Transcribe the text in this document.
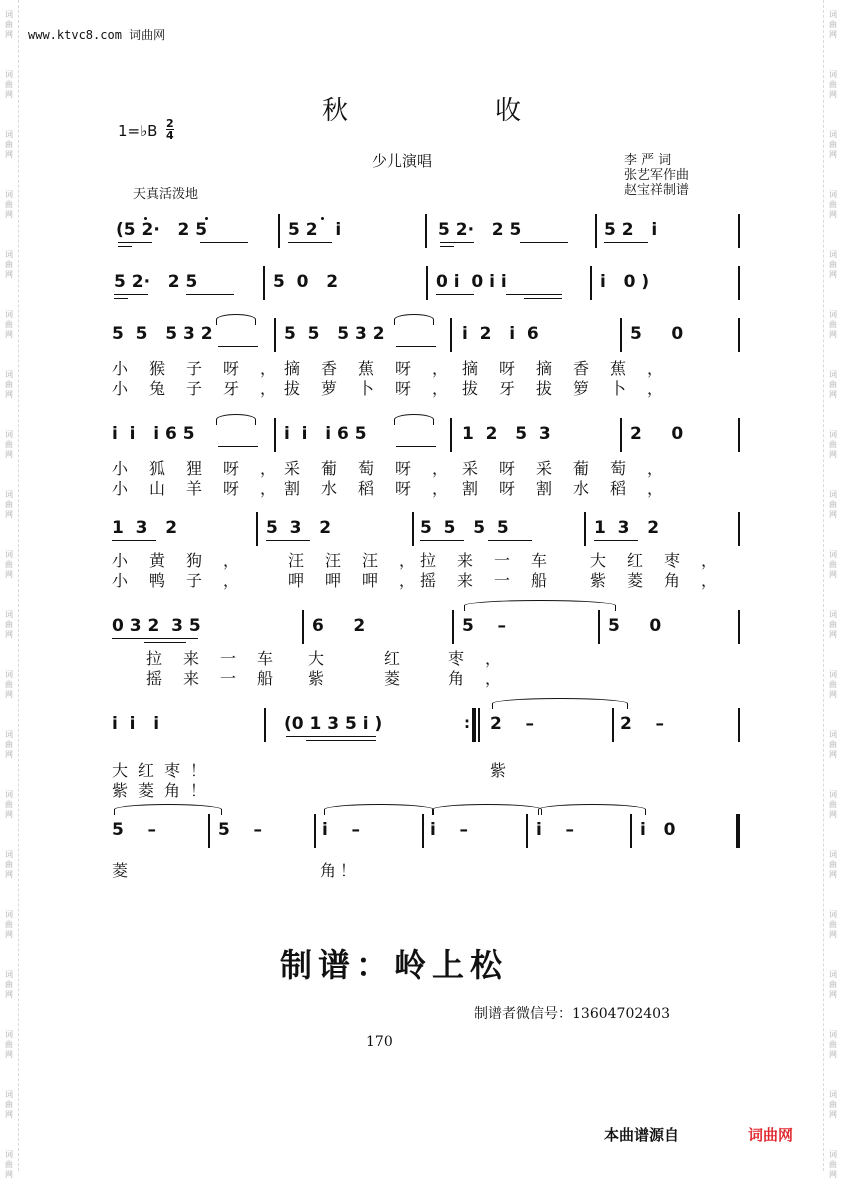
词
曲
网
词
曲
网
词
曲
网
词
曲
网
词
曲
网
词
曲
网
词
曲
网
词
曲
网
词
曲
网
词
曲
网
词
曲
网
词
曲
网
词
曲
网
词
曲
网
词
曲
网
词
曲
网
词
曲
网
词
曲
网
词
曲
网
词
曲
网
词
曲
网
词
曲
网
词
曲
网
词
曲
网
词
曲
网
词
曲
网
词
曲
网
词
曲
网
词
曲
网
词
曲
网
词
曲
网
词
曲
网
词
曲
网
词
曲
网
词
曲
网
词
曲
网
词
曲
网
词
曲
网
词
曲
网
词
曲
网
www.ktvc8.com 词曲网
秋	收
1=♭B $\frac{2}{4}$
少儿演唱	李 严 词
张艺军作曲
赵宝祥制谱
天真活泼地
(5 2·   2 5	5 2   i	5 2·   2 5	5 2   i
5 2·   2 5	5  0   2	0 i  0 i i	i   0 )
5  5   5 3 2	5  5   5 3 2	i  2   i  6	5     0
小猴子呀，
摘香蕉呀，
摘呀摘香蕉，
小兔子牙，
拔萝卜呀，
拔牙拔箩卜，
i  i   i 6 5	i  i   i 6 5	1  2   5  3	2     0
小狐狸呀，
采葡萄呀，
采呀采葡萄，
小山羊呀，
割水稻呀，
割呀割水稻，
1  3   2	5  3   2	5  5   5  5	1  3   2
小黄狗， 汪汪汪，
拉来一车 大红枣，
小鸭子， 呷呷呷，
摇来一船 紫菱角，
0 3 2  3 5	6     2	5    –	5     0
拉来一车 大 红 枣，
摇来一船 紫 菱 角，
i  i   i	(0 1 3 5 i )	: 2    –	2    –
大红枣！	紫
紫菱角！
5    –	5    –	i    –	i    –	i    –	i   0
菱	角！
制谱：岭上松
制谱者微信号：13604702403
170
本曲谱源自	词曲网
